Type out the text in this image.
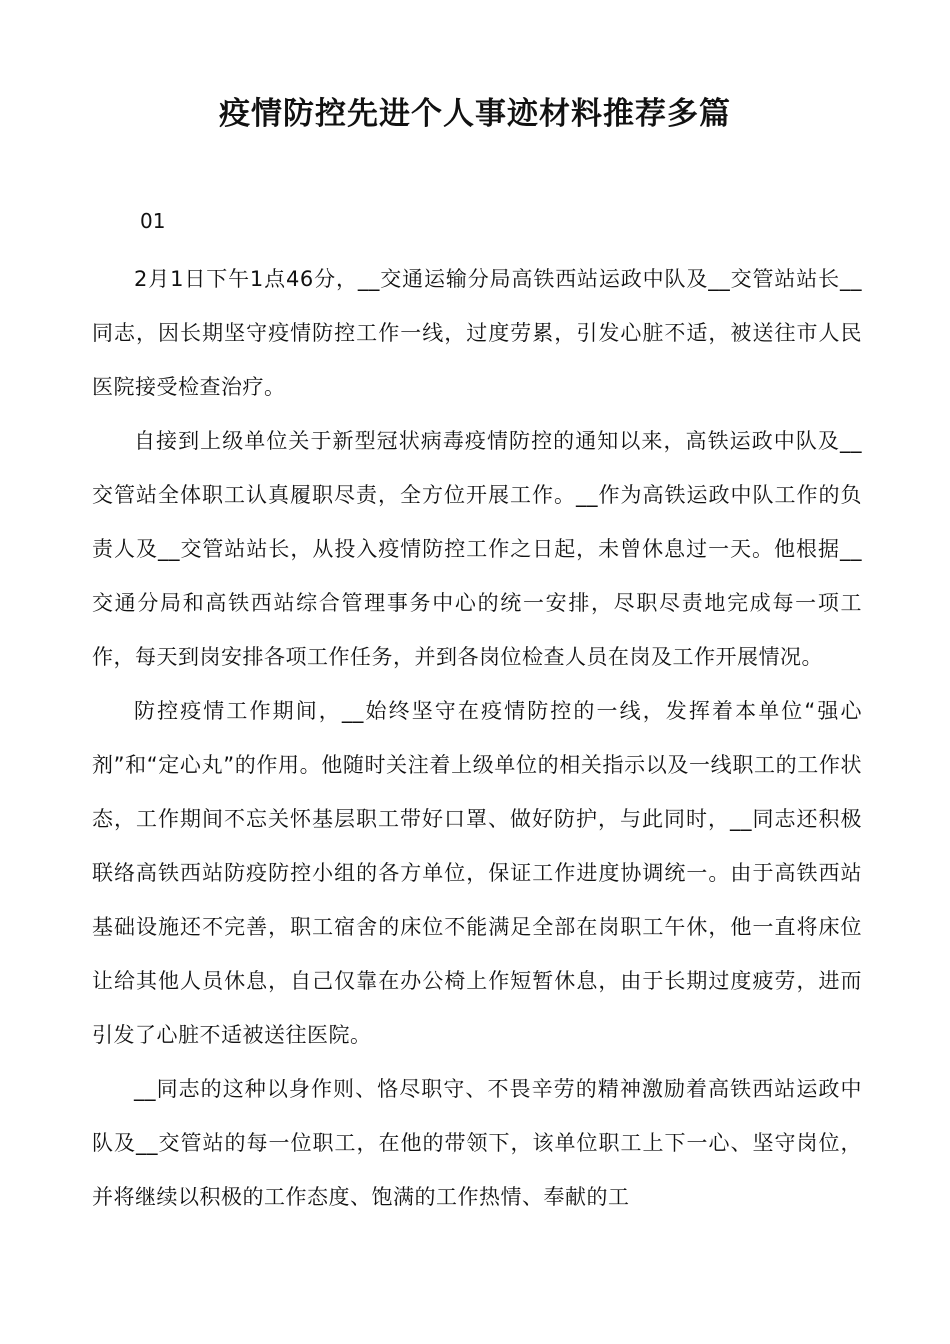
疫情防控先进个人事迹材料推荐多篇
01

2月1日下午1点46分，__交通运输分局高铁西站运政中队及__交管站站长__同志，因长期坚守疫情防控工作一线，过度劳累，引发心脏不适，被送往市人民医院接受检查治疗。

自接到上级单位关于新型冠状病毒疫情防控的通知以来，高铁运政中队及__交管站全体职工认真履职尽责，全方位开展工作。__作为高铁运政中队工作的负责人及__交管站站长，从投入疫情防控工作之日起，未曾休息过一天。他根据__交通分局和高铁西站综合管理事务中心的统一安排，尽职尽责地完成每一项工作，每天到岗安排各项工作任务，并到各岗位检查人员在岗及工作开展情况。

防控疫情工作期间，__始终坚守在疫情防控的一线，发挥着本单位“强心剂”和“定心丸”的作用。他随时关注着上级单位的相关指示以及一线职工的工作状态，工作期间不忘关怀基层职工带好口罩、做好防护，与此同时，__同志还积极联络高铁西站防疫防控小组的各方单位，保证工作进度协调统一。由于高铁西站基础设施还不完善，职工宿舍的床位不能满足全部在岗职工午休，他一直将床位让给其他人员休息，自己仅靠在办公椅上作短暂休息，由于长期过度疲劳，进而引发了心脏不适被送往医院。

__同志的这种以身作则、恪尽职守、不畏辛劳的精神激励着高铁西站运政中队及__交管站的每一位职工，在他的带领下，该单位职工上下一心、坚守岗位，并将继续以积极的工作态度、饱满的工作热情、奉献的工
